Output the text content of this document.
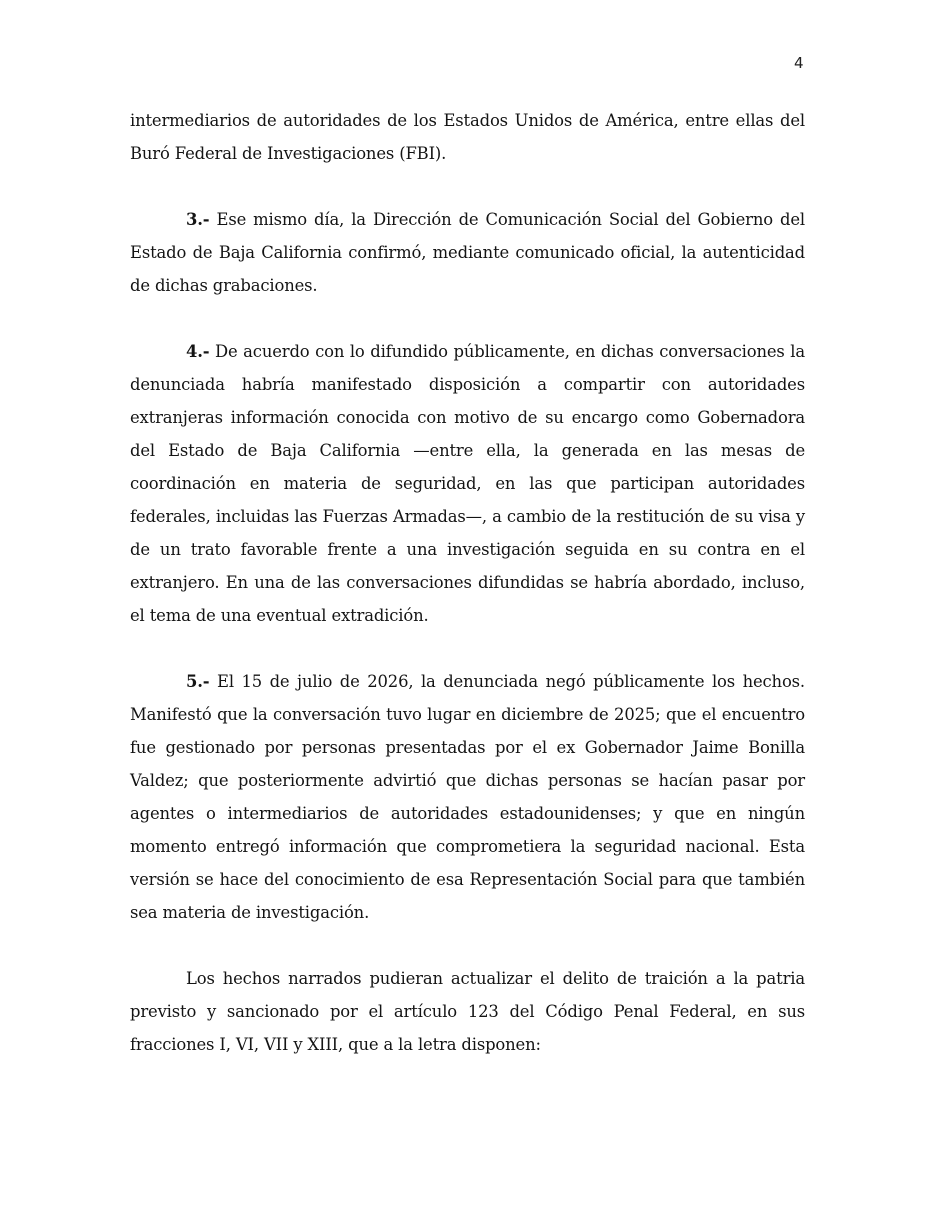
4

intermediarios de autoridades de los Estados Unidos de América, entre ellas del Buró Federal de Investigaciones (FBI).

3.- Ese mismo día, la Dirección de Comunicación Social del Gobierno del Estado de Baja California confirmó, mediante comunicado oficial, la autenticidad de dichas grabaciones.

4.- De acuerdo con lo difundido públicamente, en dichas conversaciones la denunciada habría manifestado disposición a compartir con autoridades extranjeras información conocida con motivo de su encargo como Gobernadora del Estado de Baja California —entre ella, la generada en las mesas de coordinación en materia de seguridad, en las que participan autoridades federales, incluidas las Fuerzas Armadas—, a cambio de la restitución de su visa y de un trato favorable frente a una investigación seguida en su contra en el extranjero. En una de las conversaciones difundidas se habría abordado, incluso, el tema de una eventual extradición.

5.- El 15 de julio de 2026, la denunciada negó públicamente los hechos. Manifestó que la conversación tuvo lugar en diciembre de 2025; que el encuentro fue gestionado por personas presentadas por el ex Gobernador Jaime Bonilla Valdez; que posteriormente advirtió que dichas personas se hacían pasar por agentes o intermediarios de autoridades estadounidenses; y que en ningún momento entregó información que comprometiera la seguridad nacional. Esta versión se hace del conocimiento de esa Representación Social para que también sea materia de investigación.

Los hechos narrados pudieran actualizar el delito de traición a la patria previsto y sancionado por el artículo 123 del Código Penal Federal, en sus fracciones I, VI, VII y XIII, que a la letra disponen:
